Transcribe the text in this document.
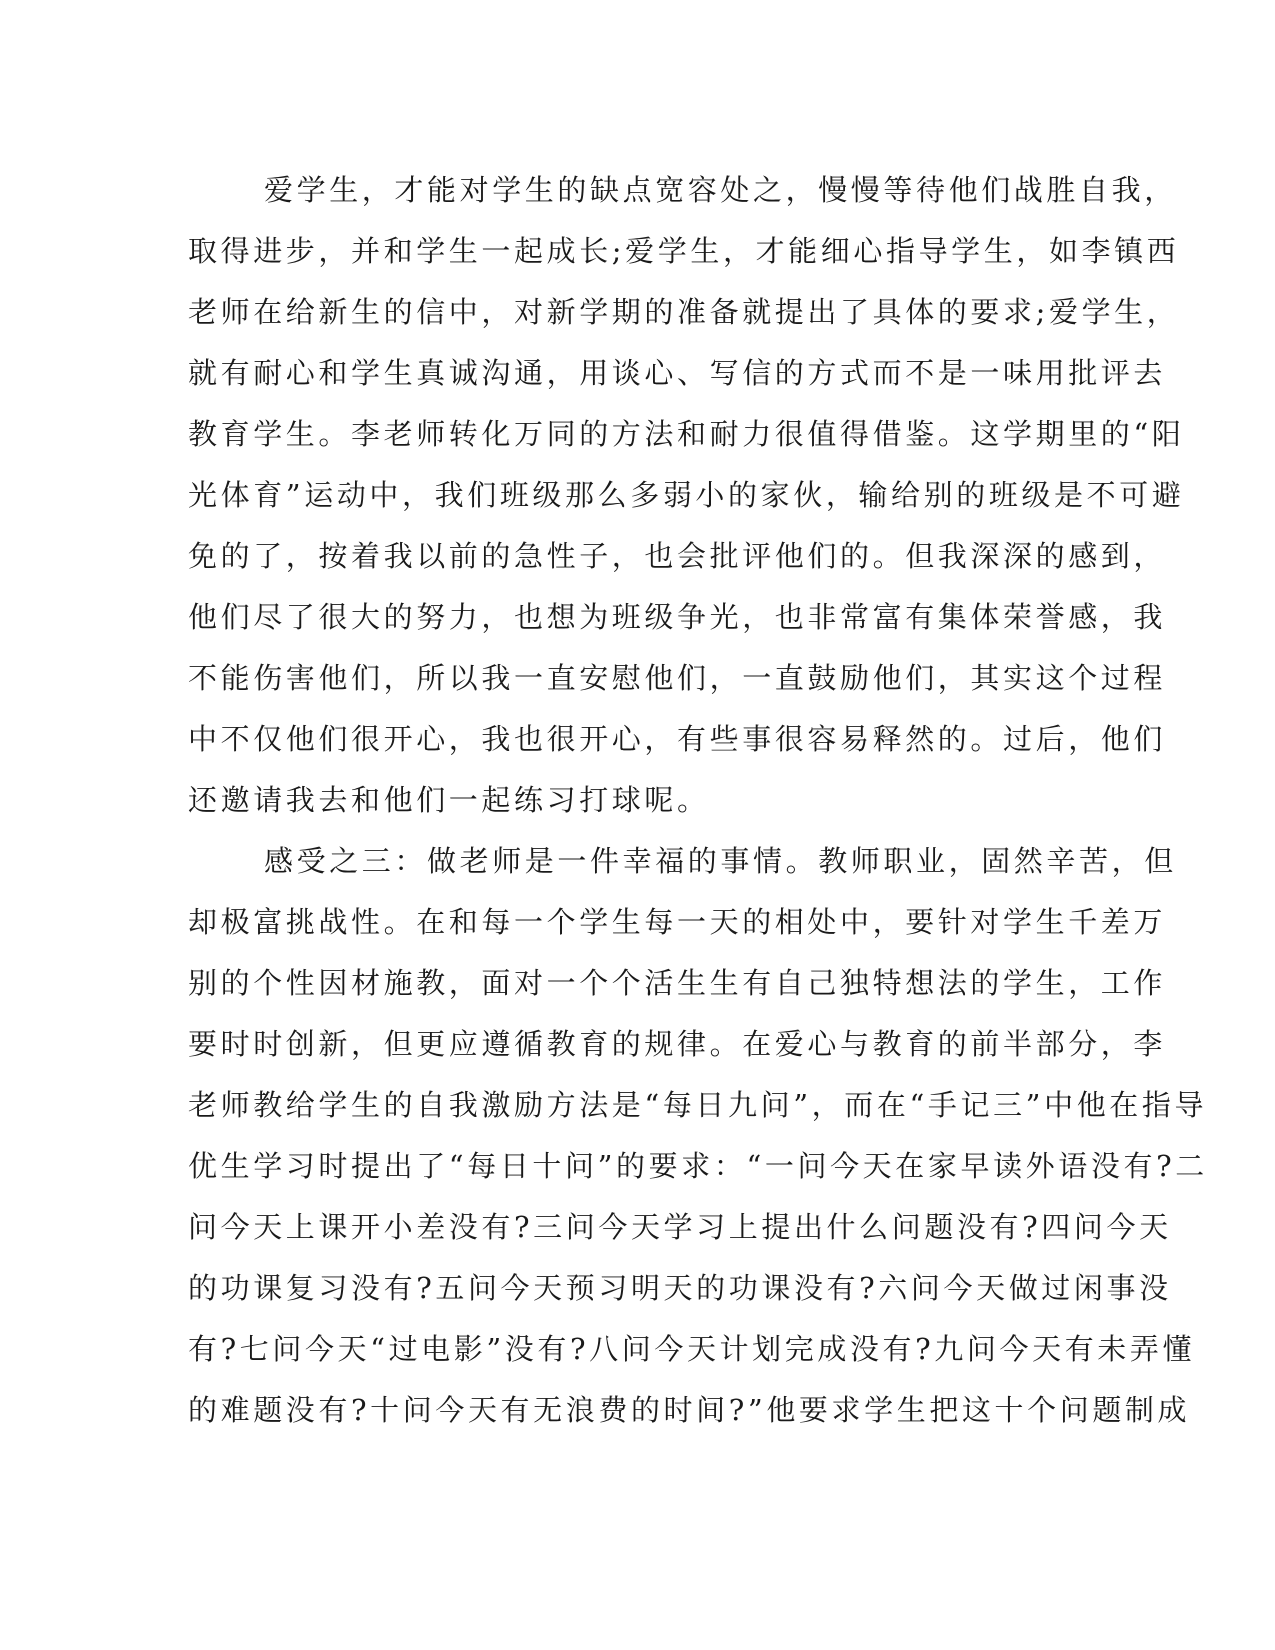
爱学生，才能对学生的缺点宽容处之，慢慢等待他们战胜自我，
取得进步，并和学生一起成长;爱学生，才能细心指导学生，如李镇西
老师在给新生的信中，对新学期的准备就提出了具体的要求;爱学生，
就有耐心和学生真诚沟通，用谈心、写信的方式而不是一味用批评去
教育学生。李老师转化万同的方法和耐力很值得借鉴。这学期里的“阳
光体育”运动中，我们班级那么多弱小的家伙，输给别的班级是不可避
免的了，按着我以前的急性子，也会批评他们的。但我深深的感到，
他们尽了很大的努力，也想为班级争光，也非常富有集体荣誉感，我
不能伤害他们，所以我一直安慰他们，一直鼓励他们，其实这个过程
中不仅他们很开心，我也很开心，有些事很容易释然的。过后，他们
还邀请我去和他们一起练习打球呢。
感受之三：做老师是一件幸福的事情。教师职业，固然辛苦，但
却极富挑战性。在和每一个学生每一天的相处中，要针对学生千差万
别的个性因材施教，面对一个个活生生有自己独特想法的学生，工作
要时时创新，但更应遵循教育的规律。在爱心与教育的前半部分，李
老师教给学生的自我激励方法是“每日九问”，而在“手记三”中他在指导
优生学习时提出了“每日十问”的要求：“一问今天在家早读外语没有?二
问今天上课开小差没有?三问今天学习上提出什么问题没有?四问今天
的功课复习没有?五问今天预习明天的功课没有?六问今天做过闲事没
有?七问今天“过电影”没有?八问今天计划完成没有?九问今天有未弄懂
的难题没有?十问今天有无浪费的时间?”他要求学生把这十个问题制成
